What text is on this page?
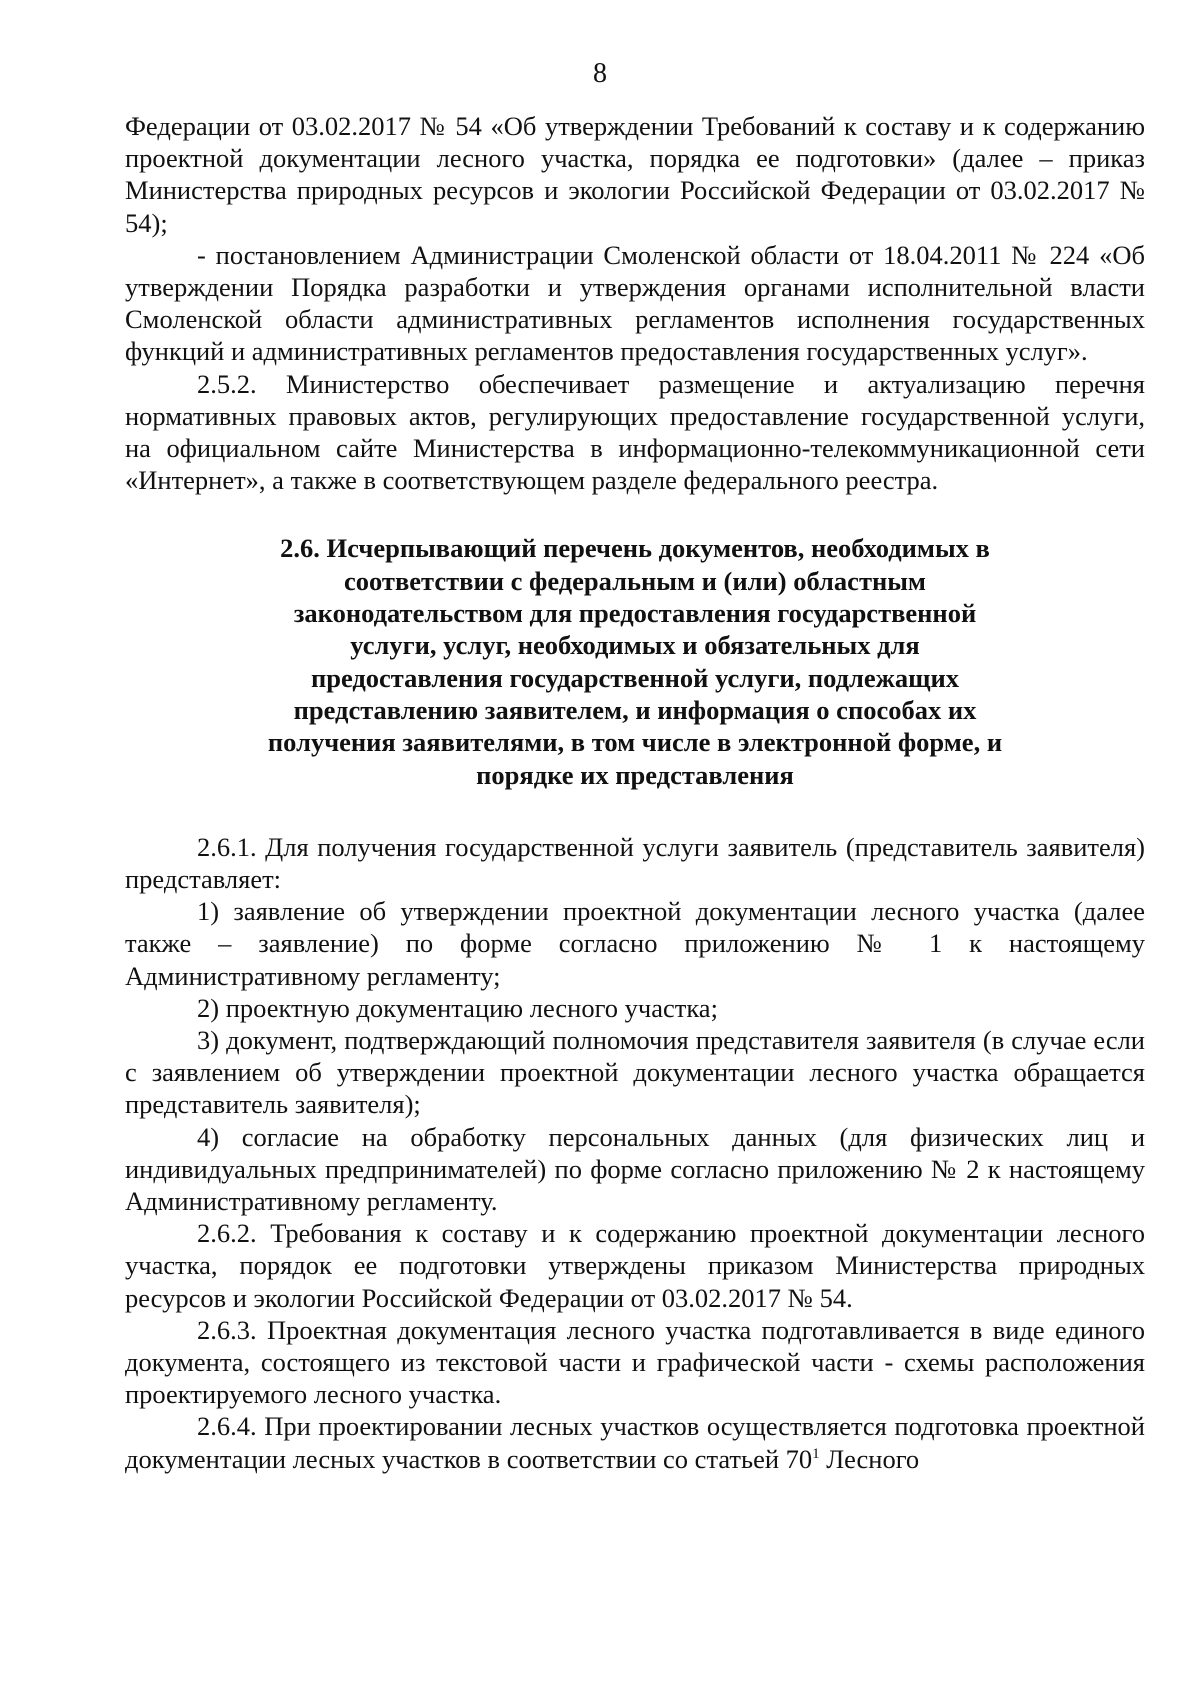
8

Федерации от 03.02.2017 № 54 «Об утверждении Требований к составу и к содержанию проектной документации лесного участка, порядка ее подготовки» (далее – приказ Министерства природных ресурсов и экологии Российской Федерации от 03.02.2017 № 54);

- постановлением Администрации Смоленской области от 18.04.2011 № 224 «Об утверждении Порядка разработки и утверждения органами исполнительной власти Смоленской области административных регламентов исполнения государственных функций и административных регламентов предоставления государственных услуг».

2.5.2. Министерство обеспечивает размещение и актуализацию перечня нормативных правовых актов, регулирующих предоставление государственной услуги, на официальном сайте Министерства в информационно-телекоммуникационной сети «Интернет», а также в соответствующем разделе федерального реестра.

2.6. Исчерпывающий перечень документов, необходимых в соответствии с федеральным и (или) областным законодательством для предоставления государственной услуги, услуг, необходимых и обязательных для предоставления государственной услуги, подлежащих представлению заявителем, и информация о способах их получения заявителями, в том числе в электронной форме, и порядке их представления

2.6.1. Для получения государственной услуги заявитель (представитель заявителя) представляет:

1) заявление об утверждении проектной документации лесного участка (далее также – заявление) по форме согласно приложению № 1 к настоящему Административному регламенту;

2) проектную документацию лесного участка;

3) документ, подтверждающий полномочия представителя заявителя (в случае если с заявлением об утверждении проектной документации лесного участка обращается представитель заявителя);

4) согласие на обработку персональных данных (для физических лиц и индивидуальных предпринимателей) по форме согласно приложению № 2 к настоящему Административному регламенту.

2.6.2. Требования к составу и к содержанию проектной документации лесного участка, порядок ее подготовки утверждены приказом Министерства природных ресурсов и экологии Российской Федерации от 03.02.2017 № 54.

2.6.3. Проектная документация лесного участка подготавливается в виде единого документа, состоящего из текстовой части и графической части - схемы расположения проектируемого лесного участка.

2.6.4. При проектировании лесных участков осуществляется подготовка проектной документации лесных участков в соответствии со статьей $70^1$ Лесного
